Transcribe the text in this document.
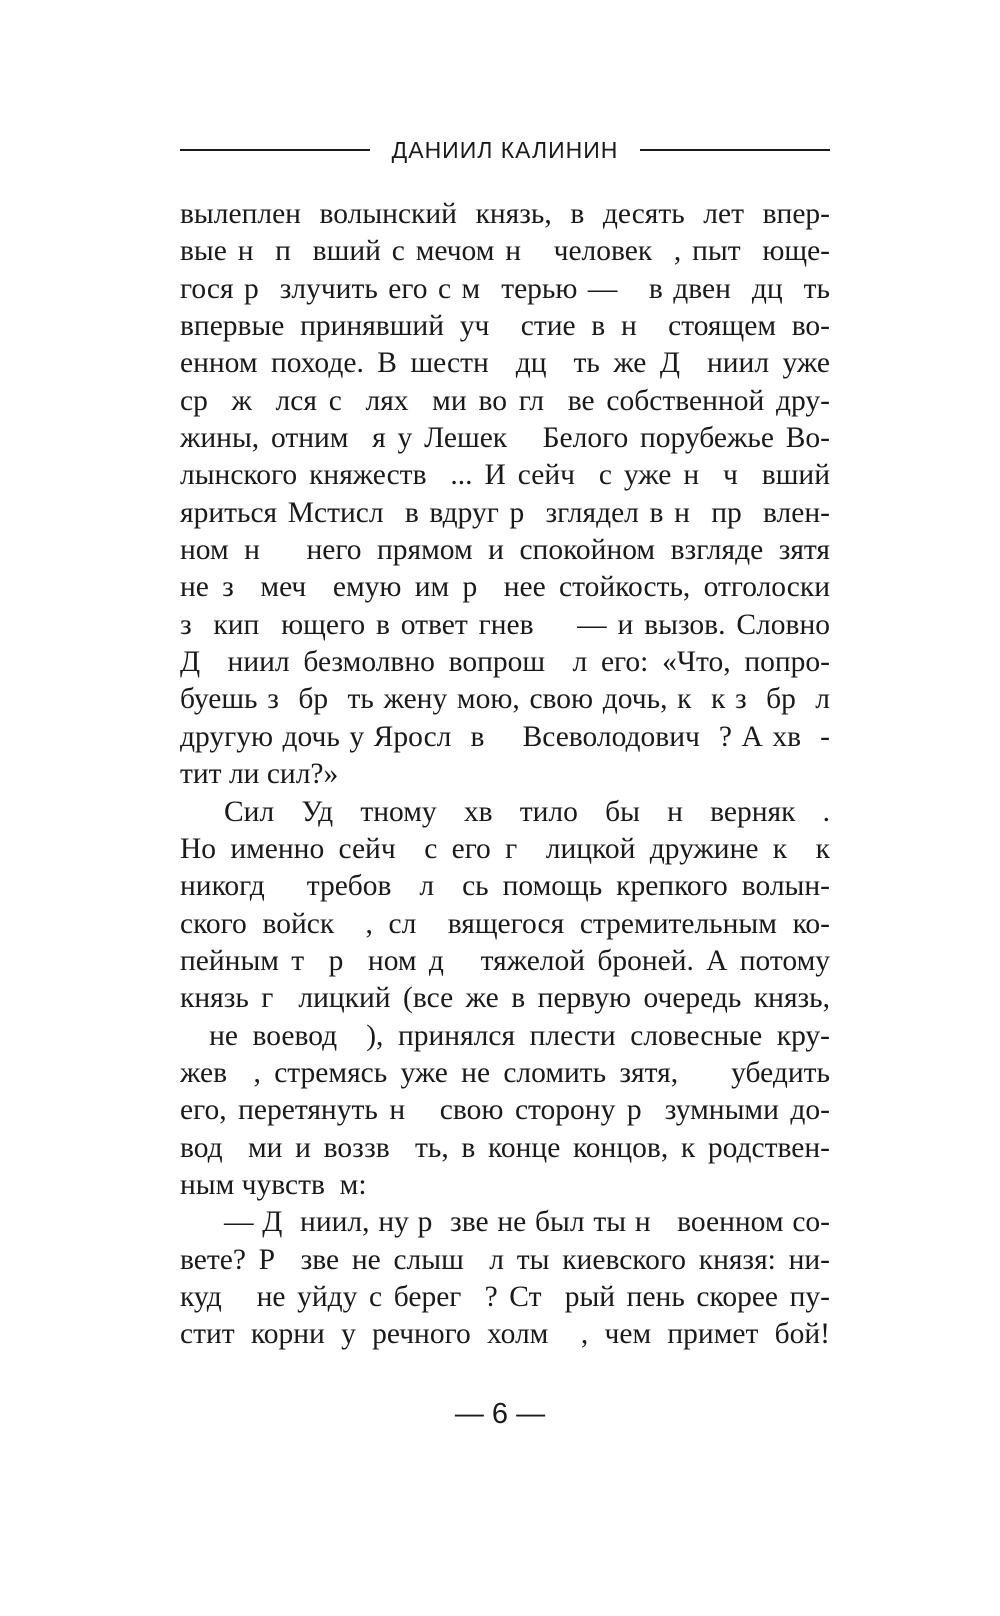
ДАНИИЛ КАЛИНИН
вылеплен волынский князь, в десять лет впер-
вые н  п  вший с мечом н   человек  , пыт  юще-
гося р  злучить его с м  терью —   в двен  дц  ть
впервые принявший уч  стие в н  стоящем во-
енном походе. В шестн  дц  ть же Д  ниил уже
ср  ж  лся с  лях  ми во гл  ве собственной дру-
жины, отним  я у Лешек   Белого порубежье Во-
лынского княжеств  ... И сейч  с уже н  ч  вший
яриться Мстисл  в вдруг р  зглядел в н  пр  влен-
ном н   него прямом и спокойном взгляде зятя
не з  меч  емую им р  нее стойкость, отголоски
з  кип  ющего в ответ гнев    — и вызов. Словно
Д  ниил безмолвно вопрош  л его: «Что, попро-
буешь з  бр  ть жену мою, свою дочь, к  к з  бр  л
другую дочь у Яросл  в    Всеволодович  ? А хв  -
тит ли сил?»
Сил  Уд  тному  хв  тило  бы  н  верняк  .
Но именно сейч  с его г  лицкой дружине к  к
никогд   требов  л  сь помощь крепкого волын-
ского войск  , сл  вящегося стремительным ко-
пейным т  р  ном д   тяжелой броней. А потому
князь г  лицкий (все же в первую очередь князь,
не воевод  ), принялся плести словесные кру-
жев  , стремясь уже не сломить зятя,    убедить
его, перетянуть н   свою сторону р  зумными до-
вод  ми и воззв  ть, в конце концов, к родствен-
ным чувств  м:
— Д  ниил, ну р  зве не был ты н   военном со-
вете? Р  зве не слыш  л ты киевского князя: ни-
куд   не уйду с берег  ? Ст  рый пень скорее пу-
стит корни у речного холм  , чем примет бой!
— 6 —
